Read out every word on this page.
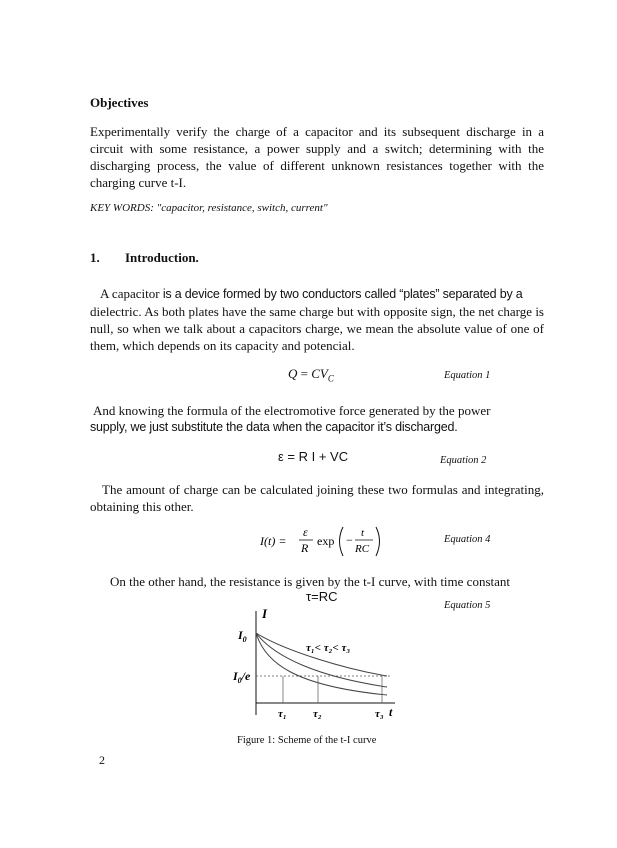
Objectives
Experimentally verify the charge of a capacitor and its subsequent discharge in a circuit with some resistance, a power supply and a switch; determining with the discharging process, the value of different unknown resistances together with the charging curve t-I.
KEY WORDS: "capacitor, resistance, switch, current"
1. Introduction.
A capacitor is a device formed by two conductors called “plates” separated by a
dielectric. As both plates have the same charge but with opposite sign, the net charge is null, so when we talk about a capacitors charge, we mean the absolute value of one of them, which depends on its capacity and potencial.
$Q = CV_C$	Equation 1
And knowing the formula of the electromotive force generated by the power
supply, we just substitute the data when the capacitor it’s discharged.
ε = R I + VC	Equation 2
The amount of charge can be calculated joining these two formulas and integrating, obtaining this other.
I(t) =
ε
R exp − t
RC
Equation 4
On the other hand, the resistance is given by the t-I curve, with time constant
τ=RC
Equation 5
I
t
$I_0$
$I_0/e$
τ₁< τ₂< τ₃
τ₁ τ₂	τ₃
Figure 1: Scheme of the t-I curve
2
